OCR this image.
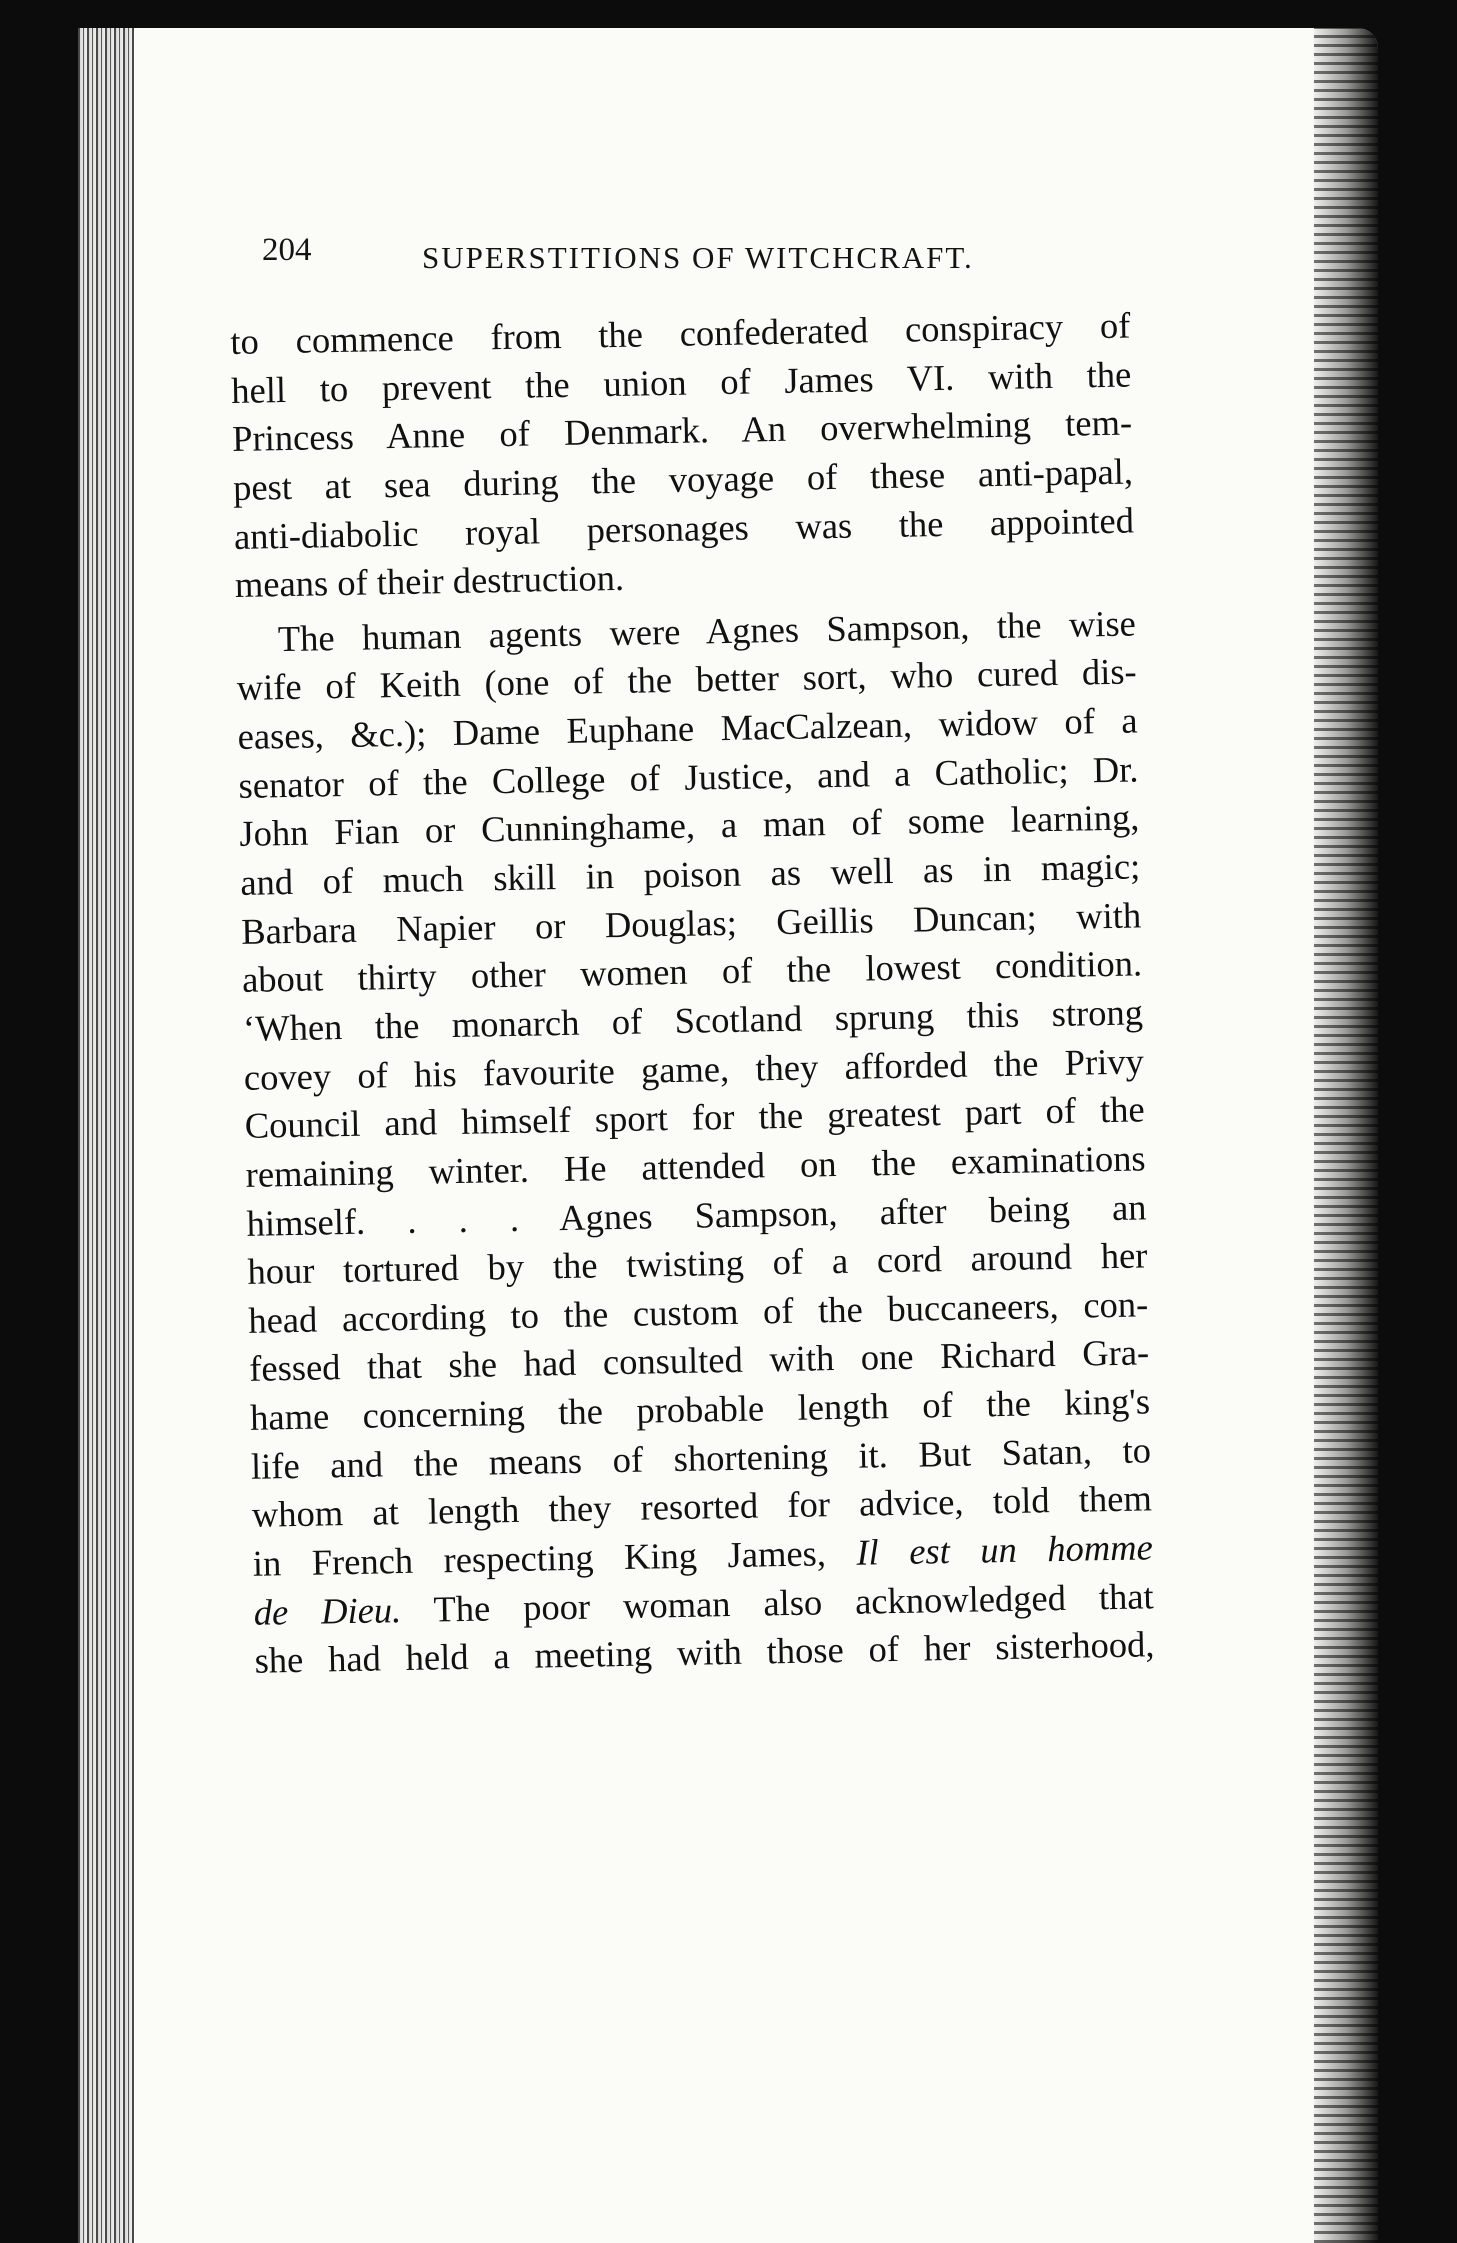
204	SUPERSTITIONS OF WITCHCRAFT.
to commence from the confederated conspiracy of
hell to prevent the union of James VI. with the
Princess Anne of Denmark. An overwhelming tem-
pest at sea during the voyage of these anti-papal,
anti-diabolic royal personages was the appointed
means of their destruction.
The human agents were Agnes Sampson, the wise
wife of Keith (one of the better sort, who cured dis-
eases, &c.); Dame Euphane MacCalzean, widow of a
senator of the College of Justice, and a Catholic; Dr.
John Fian or Cunninghame, a man of some learning,
and of much skill in poison as well as in magic;
Barbara Napier or Douglas; Geillis Duncan; with
about thirty other women of the lowest condition.
‘When the monarch of Scotland sprung this strong
covey of his favourite game, they afforded the Privy
Council and himself sport for the greatest part of the
remaining winter. He attended on the examinations
himself. . . . Agnes Sampson, after being an
hour tortured by the twisting of a cord around her
head according to the custom of the buccaneers, con-
fessed that she had consulted with one Richard Gra-
hame concerning the probable length of the king's
life and the means of shortening it. But Satan, to
whom at length they resorted for advice, told them
in French respecting King James, Il est un homme
de Dieu. The poor woman also acknowledged that
she had held a meeting with those of her sisterhood,
